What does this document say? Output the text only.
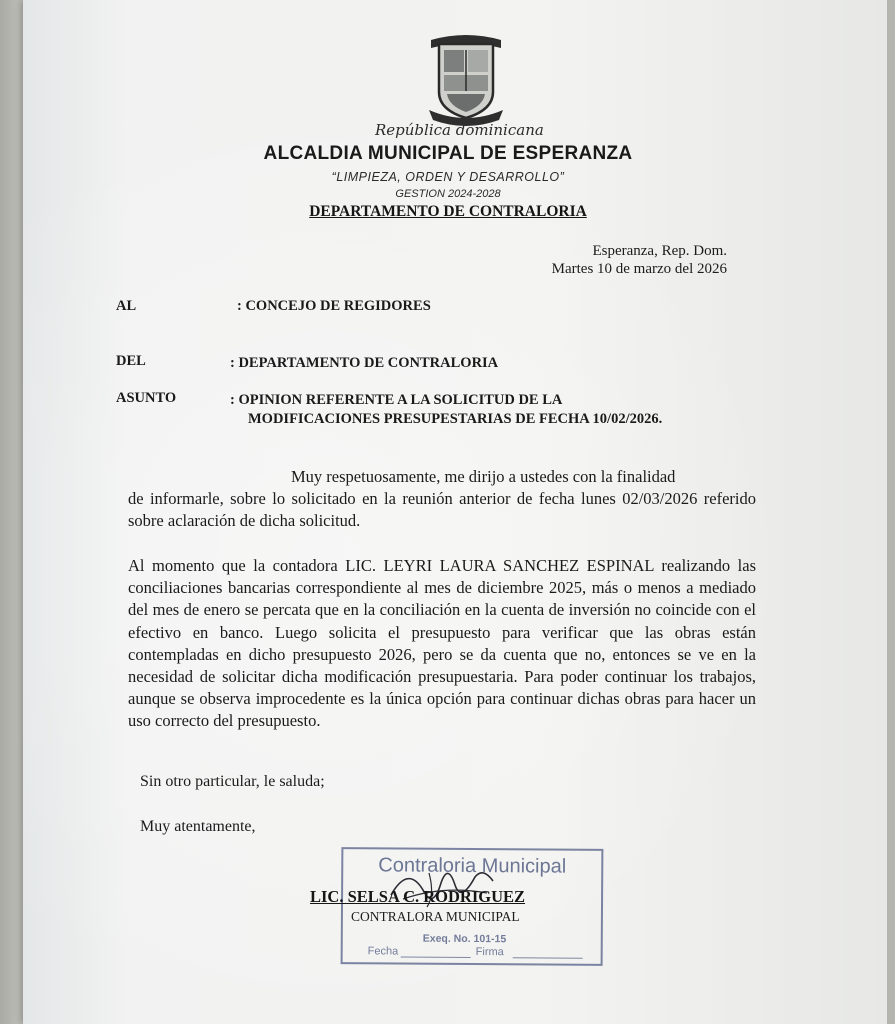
República dominicana
ALCALDIA MUNICIPAL DE ESPERANZA
“LIMPIEZA, ORDEN Y DESARROLLO”
GESTION 2024-2028
DEPARTAMENTO DE CONTRALORIA
Esperanza, Rep. Dom.
Martes 10 de marzo del 2026
AL	: CONCEJO DE REGIDORES
DEL	: DEPARTAMENTO DE CONTRALORIA
ASUNTO	: OPINION REFERENTE A LA SOLICITUD DE LA
MODIFICACIONES PRESUPESTARIAS DE FECHA 10/02/2026.
Muy respetuosamente, me dirijo a ustedes con la finalidad
de informarle, sobre lo solicitado en la reunión anterior de fecha lunes 02/03/2026 referido sobre aclaración de dicha solicitud.
Al momento que la contadora LIC. LEYRI LAURA SANCHEZ ESPINAL realizando las conciliaciones bancarias correspondiente al mes de diciembre 2025, más o menos a mediado del mes de enero se percata que en la conciliación en la cuenta de inversión no coincide con el efectivo en banco. Luego solicita el presupuesto para verificar que las obras están contempladas en dicho presupuesto 2026, pero se da cuenta que no, entonces se ve en la necesidad de solicitar dicha modificación presupuestaria. Para poder continuar los trabajos, aunque se observa improcedente es la única opción para continuar dichas obras para hacer un uso correcto del presupuesto.
Sin otro particular, le saluda;
Muy atentamente,
Contraloria Municipal
Exeq. No. 101-15
Fecha	Firma
LIC. SELSA C. RODRIGUEZ
CONTRALORA MUNICIPAL
